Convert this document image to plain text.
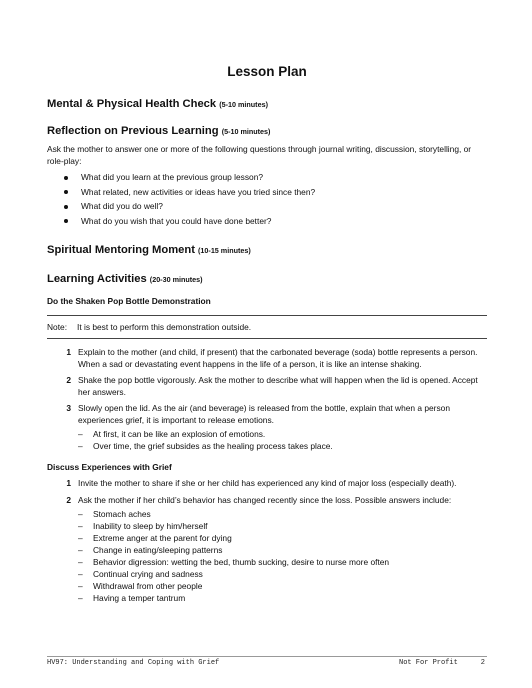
Lesson Plan
Mental & Physical Health Check (5-10 minutes)
Reflection on Previous Learning (5-10 minutes)
Ask the mother to answer one or more of the following questions through journal writing, discussion, storytelling, or role-play:
What did you learn at the previous group lesson?
What related, new activities or ideas have you tried since then?
What did you do well?
What do you wish that you could have done better?
Spiritual Mentoring Moment (10-15 minutes)
Learning Activities (20-30 minutes)
Do the Shaken Pop Bottle Demonstration
Note: It is best to perform this demonstration outside.
1 Explain to the mother (and child, if present) that the carbonated beverage (soda) bottle represents a person. When a sad or devastating event happens in the life of a person, it is like an intense shaking.
2 Shake the pop bottle vigorously. Ask the mother to describe what will happen when the lid is opened. Accept her answers.
3 Slowly open the lid. As the air (and beverage) is released from the bottle, explain that when a person experiences grief, it is important to release emotions.
– At first, it can be like an explosion of emotions.
– Over time, the grief subsides as the healing process takes place.
Discuss Experiences with Grief
1 Invite the mother to share if she or her child has experienced any kind of major loss (especially death).
2 Ask the mother if her child’s behavior has changed recently since the loss. Possible answers include:
– Stomach aches
– Inability to sleep by him/herself
– Extreme anger at the parent for dying
– Change in eating/sleeping patterns
– Behavior digression: wetting the bed, thumb sucking, desire to nurse more often
– Continual crying and sadness
– Withdrawal from other people
– Having a temper tantrum
HV97: Understanding and Coping with Grief	Not For Profit	2
